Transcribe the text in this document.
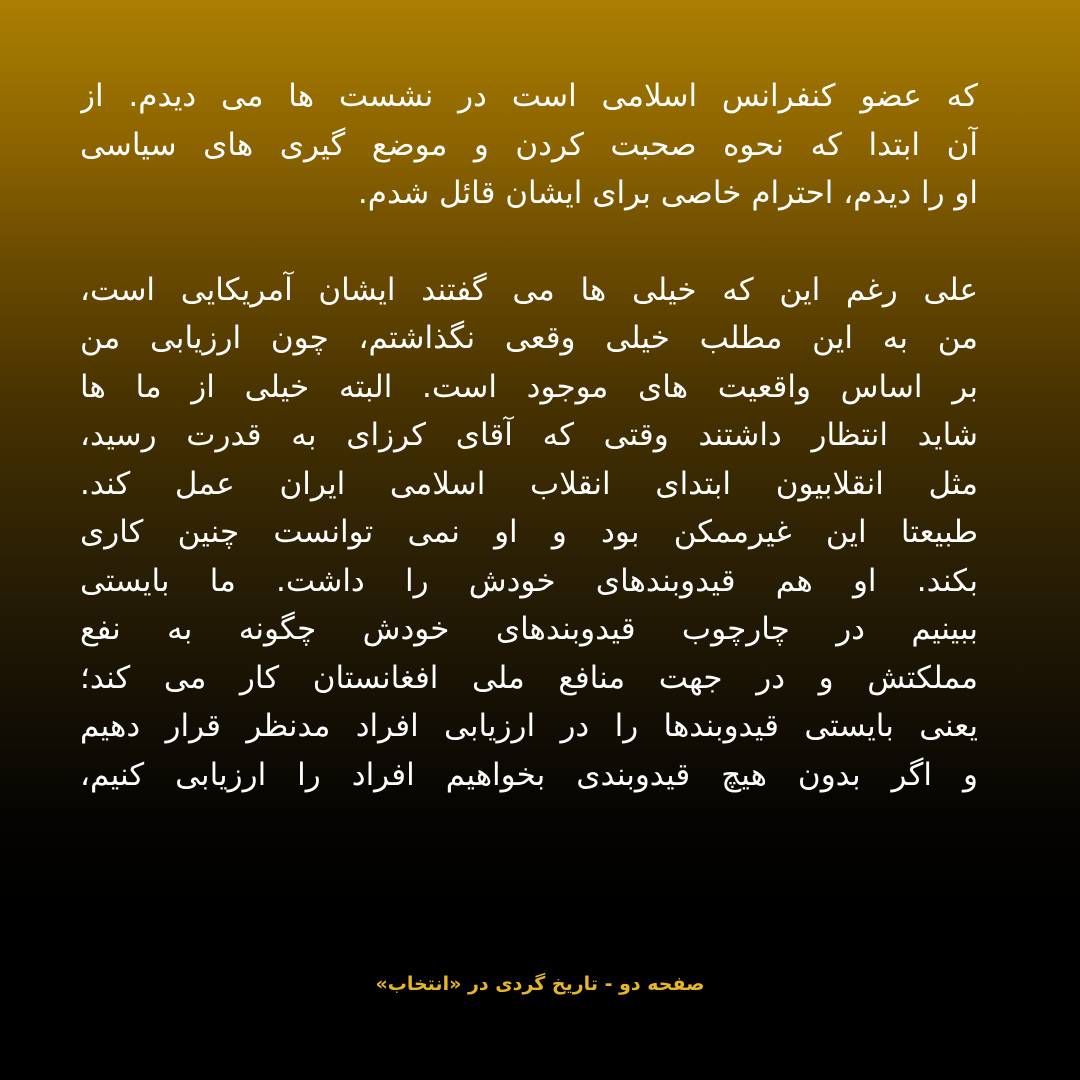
که عضو کنفرانس اسلامی است در نشست ها می دیدم. از
آن ابتدا که نحوه صحبت کردن و موضع گیری های سیاسی
او را دیدم، احترام خاصی برای ایشان قائل شدم.

علی رغم این که خیلی ها می گفتند ایشان آمریکایی است،
من به این مطلب خیلی وقعی نگذاشتم، چون ارزیابی من
بر اساس واقعیت های موجود است. البته خیلی از ما ها
شاید انتظار داشتند وقتی که آقای کرزای به قدرت رسید،
مثل انقلابیون ابتدای انقلاب اسلامی ایران عمل کند.
طبیعتا این غیرممکن بود و او نمی توانست چنین کاری
بکند. او هم قیدوبندهای خودش را داشت. ما بایستی
ببینیم در چارچوب قیدوبندهای خودش چگونه به نفع
مملکتش و در جهت منافع ملی افغانستان کار می کند؛
یعنی بایستی قیدوبندها را در ارزیابی افراد مدنظر قرار دهیم
و اگر بدون هیچ قیدوبندی بخواهیم افراد را ارزیابی کنیم،

صفحه دو - تاریخ گردی در «انتخاب»
